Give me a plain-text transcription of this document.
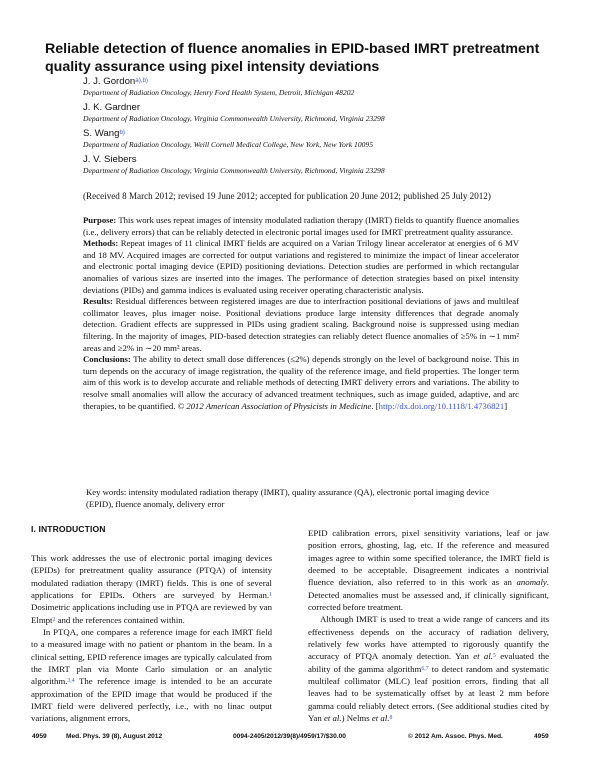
Reliable detection of fluence anomalies in EPID-based IMRT pretreatment quality assurance using pixel intensity deviations
J. J. Gordon$^{a),b)}$
Department of Radiation Oncology, Henry Ford Health System, Detroit, Michigan 48202
J. K. Gardner
Department of Radiation Oncology, Virginia Commonwealth University, Richmond, Virginia 23298
S. Wang$^{b)}$
Department of Radiation Oncology, Weill Cornell Medical College, New York, New York 10095
J. V. Siebers
Department of Radiation Oncology, Virginia Commonwealth University, Richmond, Virginia 23298
(Received 8 March 2012; revised 19 June 2012; accepted for publication 20 June 2012; published 25 July 2012)

Purpose: This work uses repeat images of intensity modulated radiation therapy (IMRT) fields to quantify fluence anomalies (i.e., delivery errors) that can be reliably detected in electronic portal images used for IMRT pretreatment quality assurance.

Methods: Repeat images of 11 clinical IMRT fields are acquired on a Varian Trilogy linear accelerator at energies of 6 MV and 18 MV. Acquired images are corrected for output variations and registered to minimize the impact of linear accelerator and electronic portal imaging device (EPID) positioning deviations. Detection studies are performed in which rectangular anomalies of various sizes are inserted into the images. The performance of detection strategies based on pixel intensity deviations (PIDs) and gamma indices is evaluated using receiver operating characteristic analysis.

Results: Residual differences between registered images are due to interfraction positional deviations of jaws and multileaf collimator leaves, plus imager noise. Positional deviations produce large intensity differences that degrade anomaly detection. Gradient effects are suppressed in PIDs using gradient scaling. Background noise is suppressed using median filtering. In the majority of images, PID-based detection strategies can reliably detect fluence anomalies of ≥5% in ∼1 mm² areas and ≥2% in ∼20 mm² areas.

Conclusions: The ability to detect small dose differences (≤2%) depends strongly on the level of background noise. This in turn depends on the accuracy of image registration, the quality of the reference image, and field properties. The longer term aim of this work is to develop accurate and reliable methods of detecting IMRT delivery errors and variations. The ability to resolve small anomalies will allow the accuracy of advanced treatment techniques, such as image guided, adaptive, and arc therapies, to be quantified. © 2012 American Association of Physicists in Medicine. [http://dx.doi.org/10.1118/1.4736821]

Key words: intensity modulated radiation therapy (IMRT), quality assurance (QA), electronic portal imaging device (EPID), fluence anomaly, delivery error
I. INTRODUCTION

This work addresses the use of electronic portal imaging devices (EPIDs) for pretreatment quality assurance (PTQA) of intensity modulated radiation therapy (IMRT) fields. This is one of several applications for EPIDs. Others are surveyed by Herman.$^1$ Dosimetric applications including use in PTQA are reviewed by van Elmpt$^2$ and the references contained within.

In PTQA, one compares a reference image for each IMRT field to a measured image with no patient or phantom in the beam. In a clinical setting, EPID reference images are typically calculated from the IMRT plan via Monte Carlo simulation or an analytic algorithm.$^{3,4}$ The reference image is intended to be an accurate approximation of the EPID image that would be produced if the IMRT field were delivered perfectly, i.e., with no linac output variations, alignment errors,

EPID calibration errors, pixel sensitivity variations, leaf or jaw position errors, ghosting, lag, etc. If the reference and measured images agree to within some specified tolerance, the IMRT field is deemed to be acceptable. Disagreement indicates a nontrivial fluence deviation, also referred to in this work as an anomaly. Detected anomalies must be assessed and, if clinically significant, corrected before treatment.

Although IMRT is used to treat a wide range of cancers and its effectiveness depends on the accuracy of radiation delivery, relatively few works have attempted to rigorously quantify the accuracy of PTQA anomaly detection. Yan et al.$^5$ evaluated the ability of the gamma algorithm$^{6,7}$ to detect random and systematic multileaf collimator (MLC) leaf position errors, finding that all leaves had to be systematically offset by at least 2 mm before gamma could reliably detect errors. (See additional studies cited by Yan et al.) Nelms et al.$^8$

4959	Med. Phys. 39 (8), August 2012	0094-2405/2012/39(8)/4959/17/$30.00	© 2012 Am. Assoc. Phys. Med.	4959
